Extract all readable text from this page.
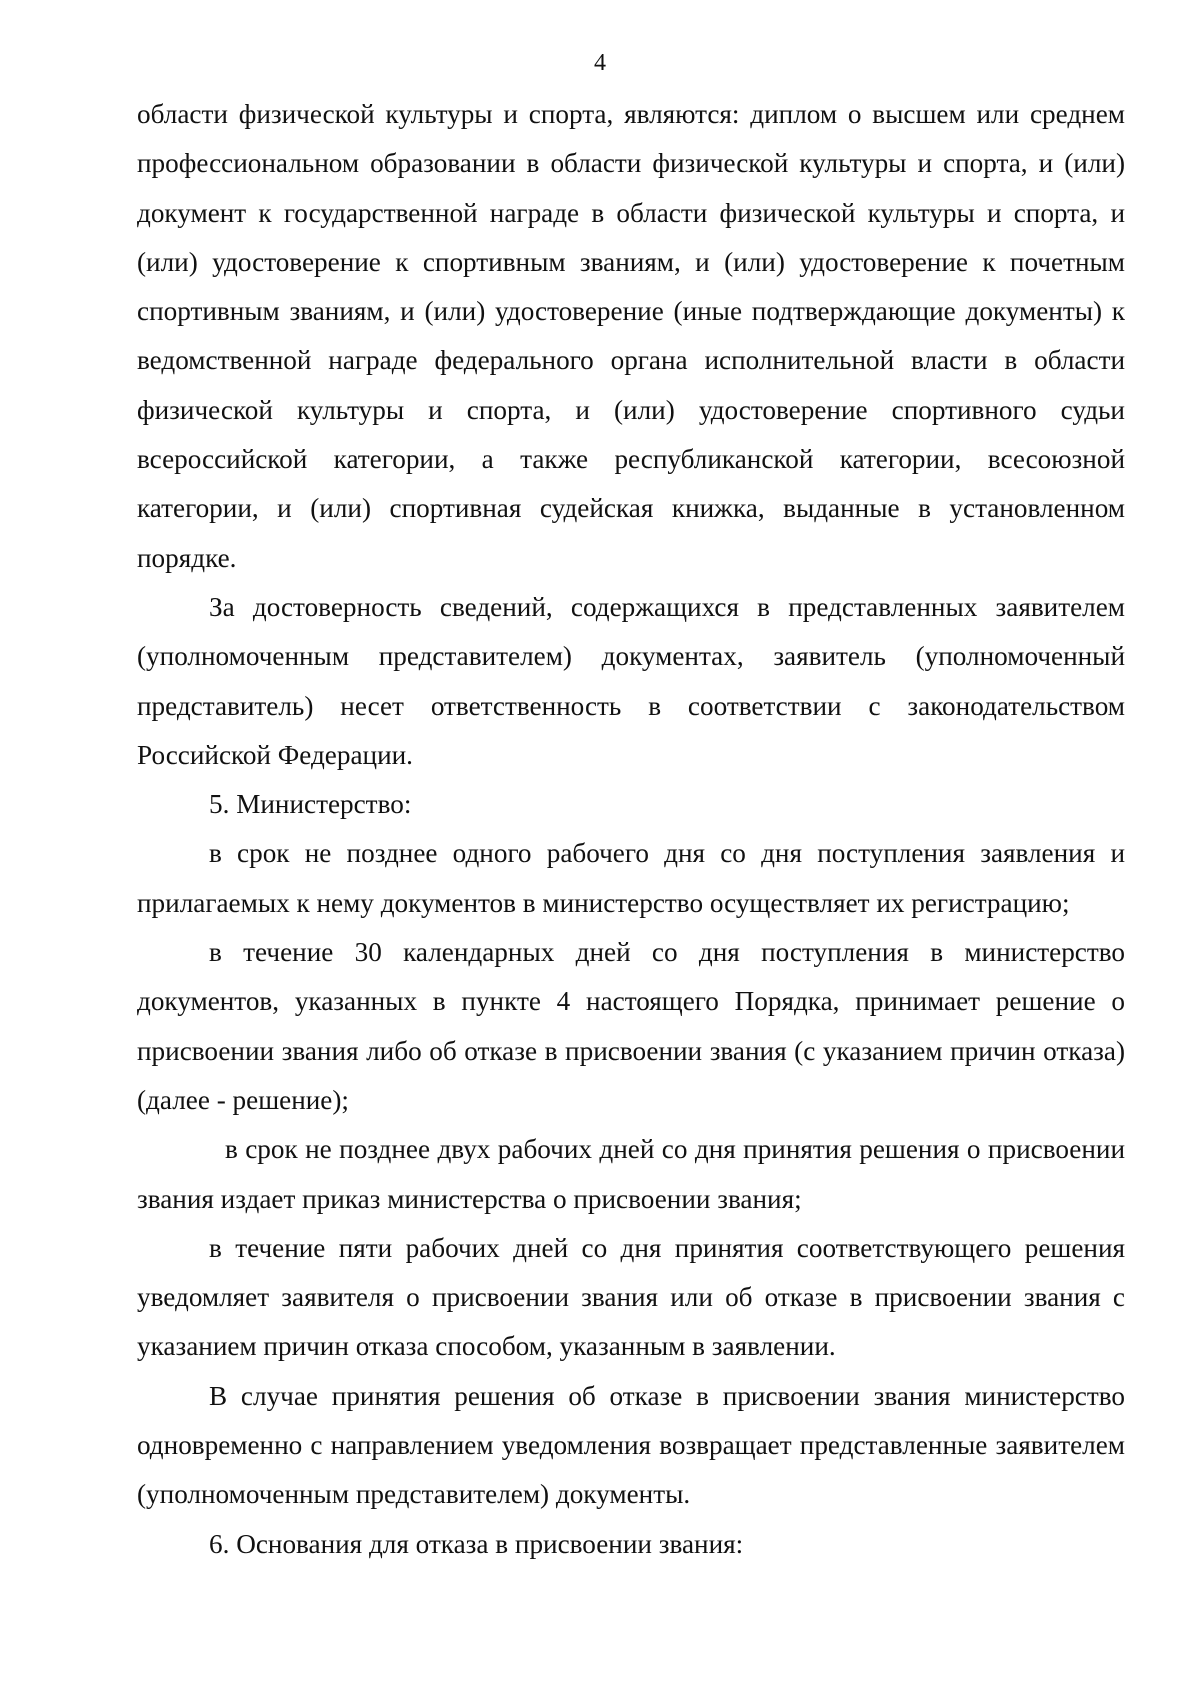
4

области физической культуры и спорта, являются: диплом о высшем или среднем профессиональном образовании в области физической культуры и спорта, и (или) документ к государственной награде в области физической культуры и спорта, и (или) удостоверение к спортивным званиям, и (или) удостоверение к почетным спортивным званиям, и (или) удостоверение (иные подтверждающие документы) к ведомственной награде федерального органа исполнительной власти в области физической культуры и спорта, и (или) удостоверение спортивного судьи всероссийской категории, а также республиканской категории, всесоюзной категории, и (или) спортивная судейская книжка, выданные в установленном порядке.

За достоверность сведений, содержащихся в представленных заявителем (уполномоченным представителем) документах, заявитель (уполномоченный представитель) несет ответственность в соответствии с законодательством Российской Федерации.

5. Министерство:

в срок не позднее одного рабочего дня со дня поступления заявления и прилагаемых к нему документов в министерство осуществляет их регистрацию;

в течение 30 календарных дней со дня поступления в министерство документов, указанных в пункте 4 настоящего Порядка, принимает решение о присвоении звания либо об отказе в присвоении звания (с указанием причин отказа) (далее - решение);

в срок не позднее двух рабочих дней со дня принятия решения о присвоении звания издает приказ министерства о присвоении звания;

в течение пяти рабочих дней со дня принятия соответствующего решения уведомляет заявителя о присвоении звания или об отказе в присвоении звания с указанием причин отказа способом, указанным в заявлении.

В случае принятия решения об отказе в присвоении звания министерство одновременно с направлением уведомления возвращает представленные заявителем (уполномоченным представителем) документы.

6. Основания для отказа в присвоении звания:
